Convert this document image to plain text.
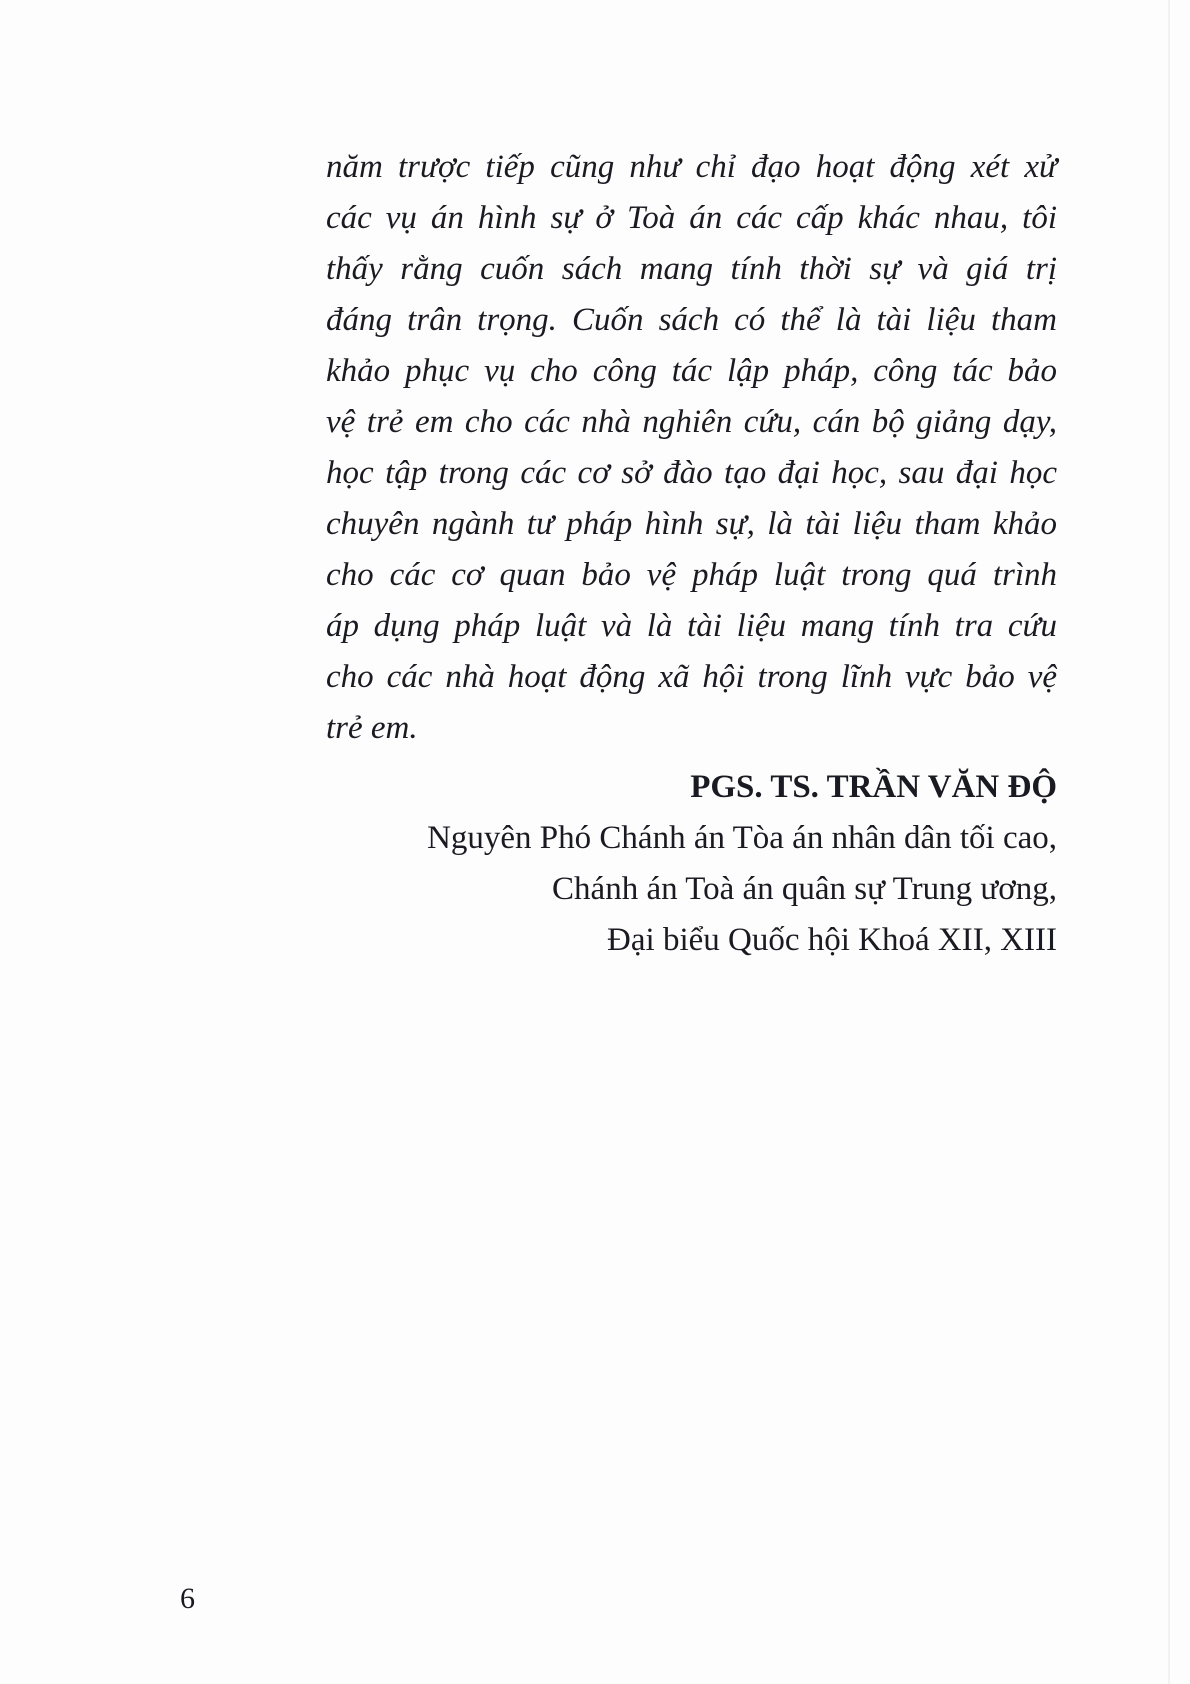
năm trược tiếp cũng như chỉ đạo hoạt động xét xử
các vụ án hình sự ở Toà án các cấp khác nhau, tôi
thấy rằng cuốn sách mang tính thời sự và giá trị
đáng trân trọng. Cuốn sách có thể là tài liệu tham
khảo phục vụ cho công tác lập pháp, công tác bảo
vệ trẻ em cho các nhà nghiên cứu, cán bộ giảng dạy,
học tập trong các cơ sở đào tạo đại học, sau đại học
chuyên ngành tư pháp hình sự, là tài liệu tham khảo
cho các cơ quan bảo vệ pháp luật trong quá trình
áp dụng pháp luật và là tài liệu mang tính tra cứu
cho các nhà hoạt động xã hội trong lĩnh vực bảo vệ
trẻ em.
PGS. TS. TRẦN VĂN ĐỘ
Nguyên Phó Chánh án Tòa án nhân dân tối cao,
Chánh án Toà án quân sự Trung ương,
Đại biểu Quốc hội Khoá XII, XIII
6
